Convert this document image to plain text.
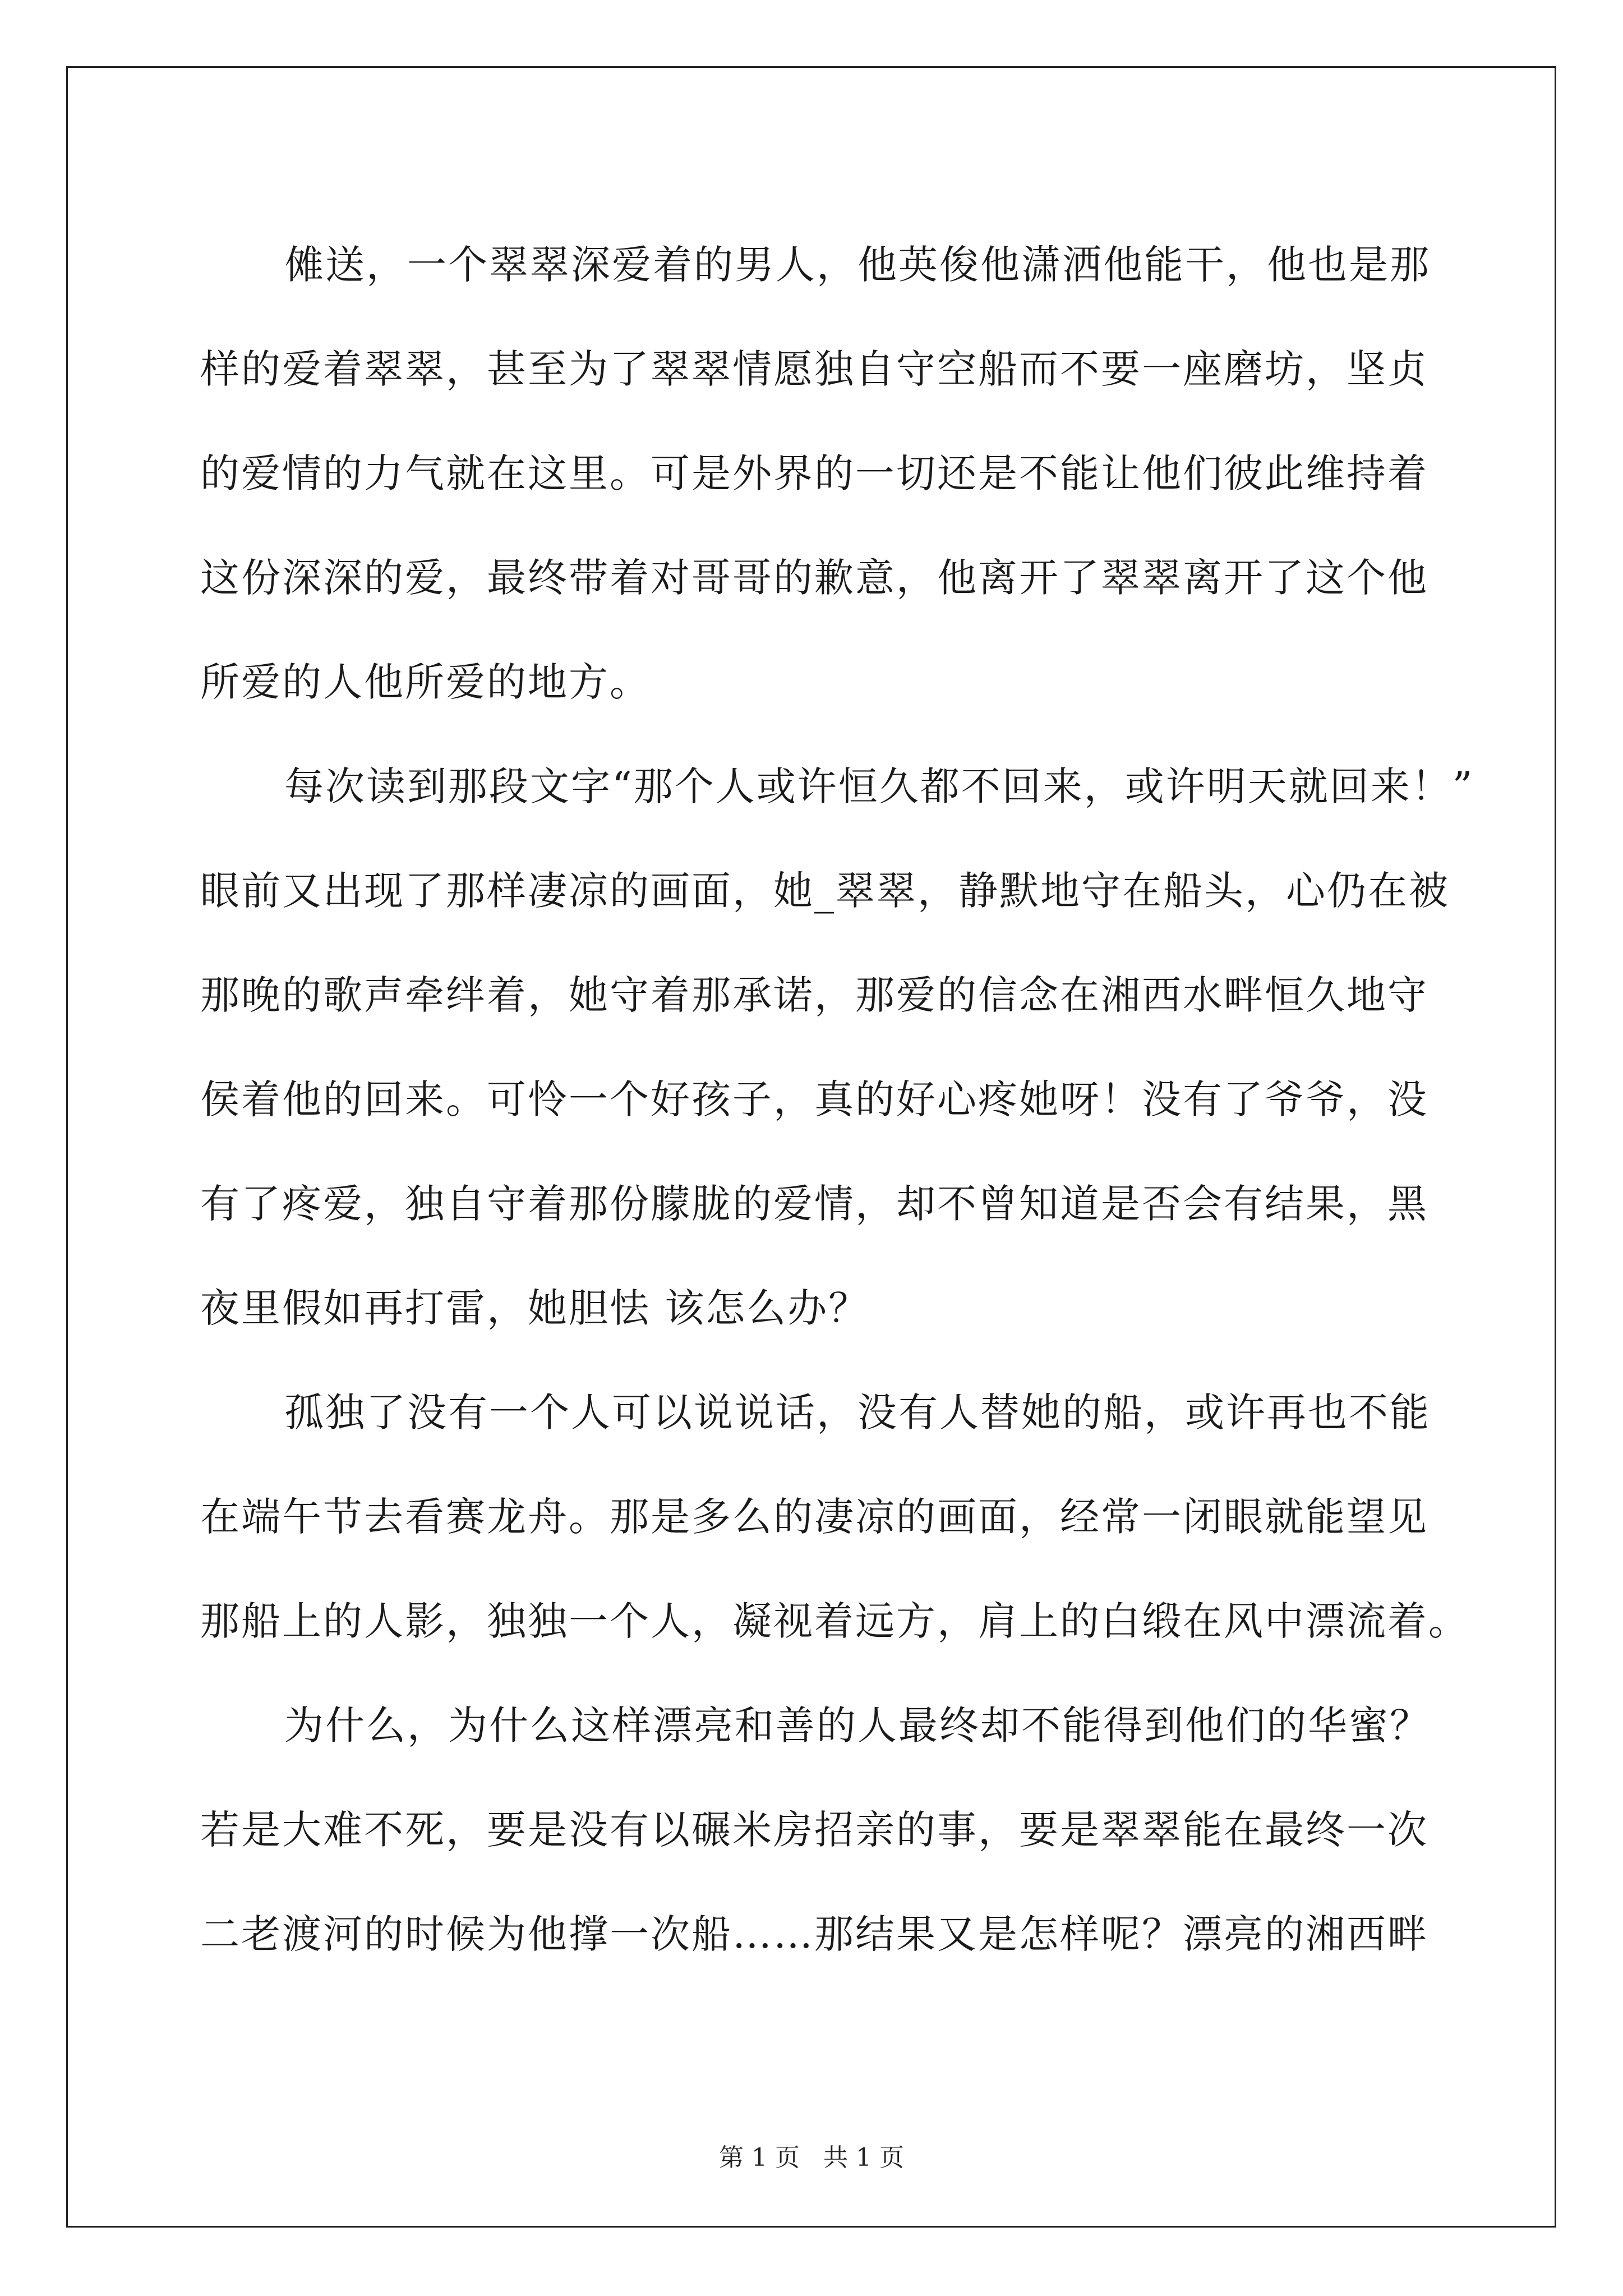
傩送，一个翠翠深爱着的男人，他英俊他潇洒他能干，他也是那
样的爱着翠翠，甚至为了翠翠情愿独自守空船而不要一座磨坊，坚贞
的爱情的力气就在这里。可是外界的一切还是不能让他们彼此维持着
这份深深的爱，最终带着对哥哥的歉意，他离开了翠翠离开了这个他
所爱的人他所爱的地方。

每次读到那段文字“那个人或许恒久都不回来，或许明天就回来！”
眼前又出现了那样凄凉的画面，她_翠翠，静默地守在船头，心仍在被
那晚的歌声牵绊着，她守着那承诺，那爱的信念在湘西水畔恒久地守
侯着他的回来。可怜一个好孩子，真的好心疼她呀！没有了爷爷，没
有了疼爱，独自守着那份朦胧的爱情，却不曾知道是否会有结果，黑
夜里假如再打雷，她胆怯 该怎么办？

孤独了没有一个人可以说说话，没有人替她的船，或许再也不能
在端午节去看赛龙舟。那是多么的凄凉的画面，经常一闭眼就能望见
那船上的人影，独独一个人，凝视着远方，肩上的白缎在风中漂流着。

为什么，为什么这样漂亮和善的人最终却不能得到他们的华蜜？
若是大难不死，要是没有以碾米房招亲的事，要是翠翠能在最终一次
二老渡河的时候为他撑一次船……那结果又是怎样呢？漂亮的湘西畔

第 1 页   共 1 页
